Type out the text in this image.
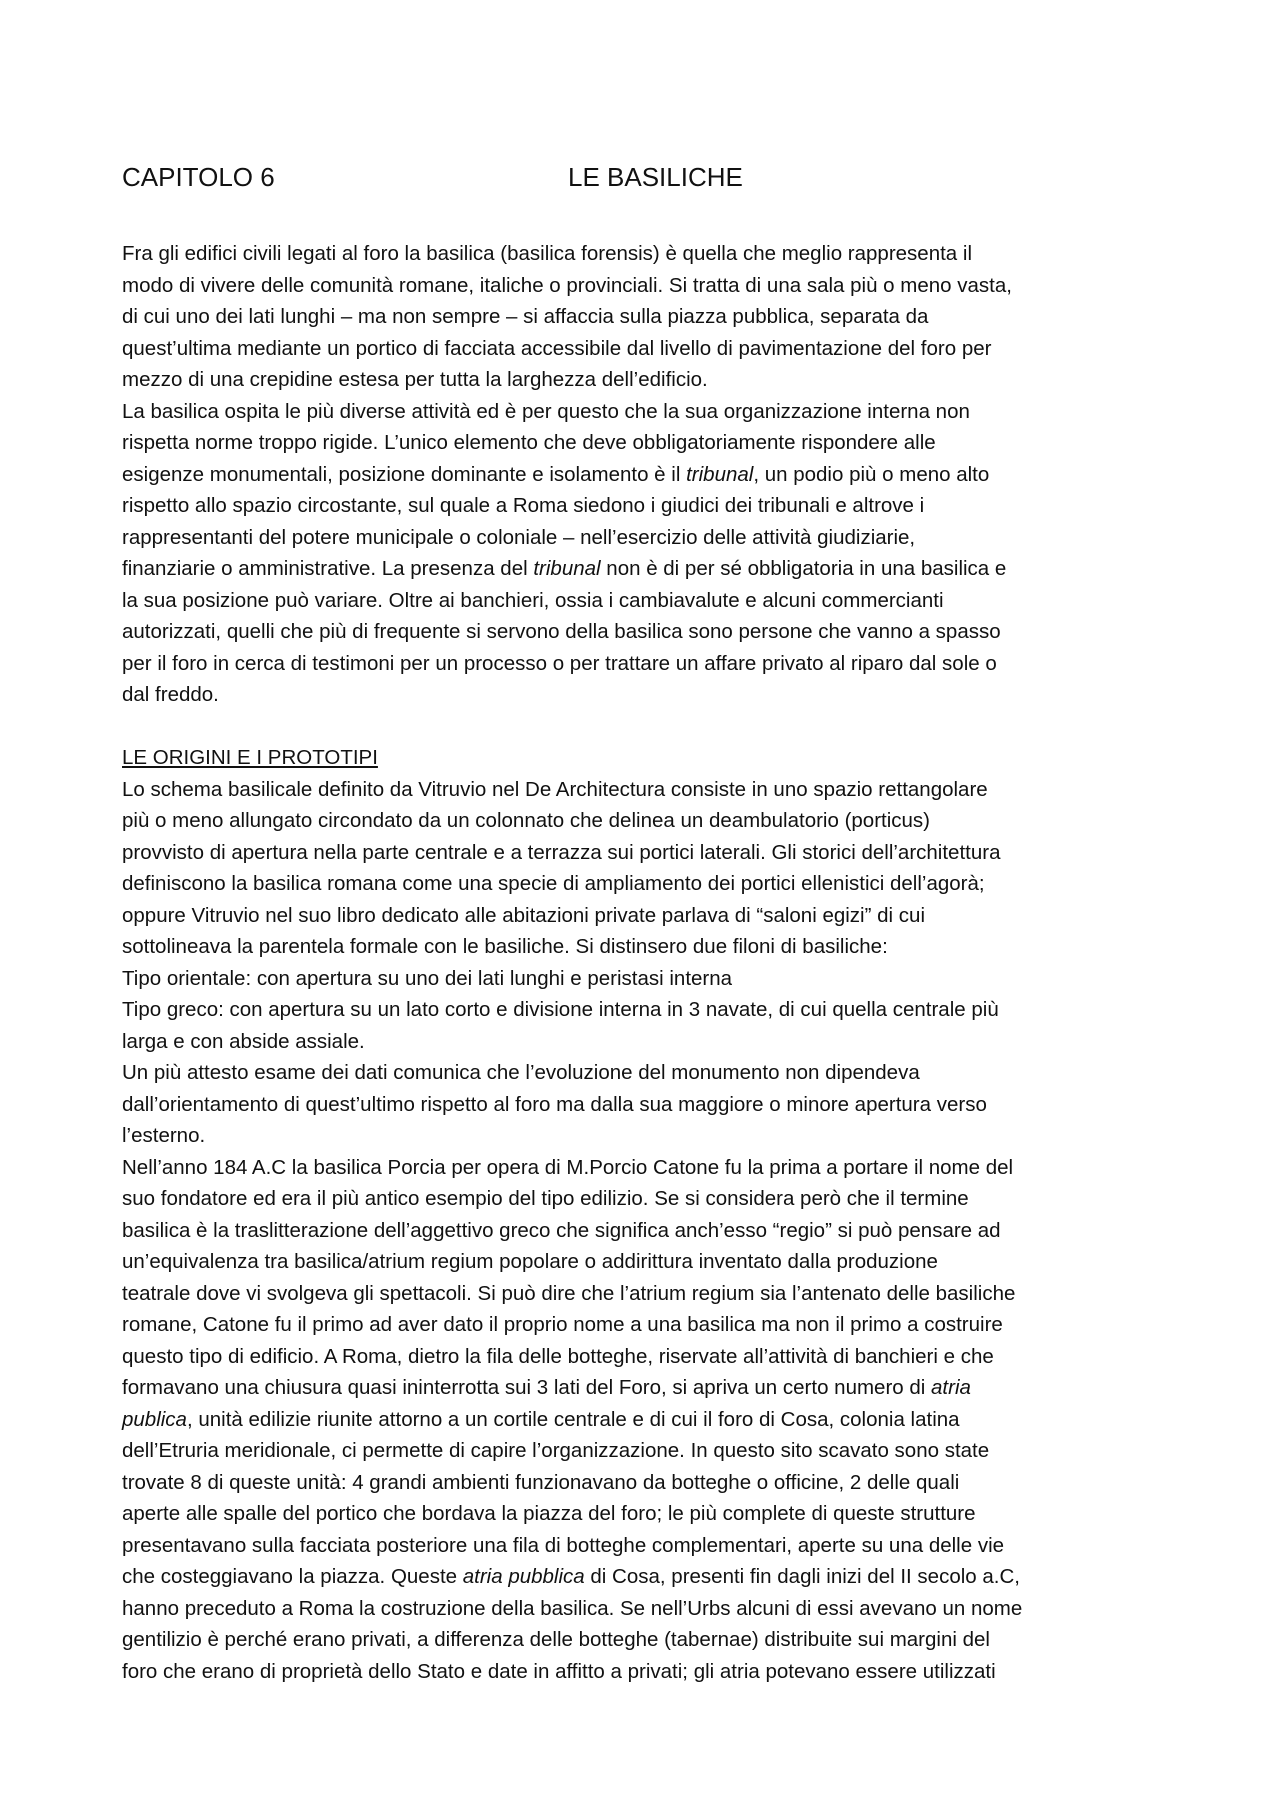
CAPITOLO 6	LE BASILICHE
Fra gli edifici civili legati al foro la basilica (basilica forensis) è quella che meglio rappresenta il
modo di vivere delle comunità romane, italiche o provinciali. Si tratta di una sala più o meno vasta,
di cui uno dei lati lunghi – ma non sempre – si affaccia sulla piazza pubblica, separata da
quest’ultima mediante un portico di facciata accessibile dal livello di pavimentazione del foro per
mezzo di una crepidine estesa per tutta la larghezza dell’edificio.
La basilica ospita le più diverse attività ed è per questo che la sua organizzazione interna non
rispetta norme troppo rigide. L’unico elemento che deve obbligatoriamente rispondere alle
esigenze monumentali, posizione dominante e isolamento è il tribunal, un podio più o meno alto
rispetto allo spazio circostante, sul quale a Roma siedono i giudici dei tribunali e altrove i
rappresentanti del potere municipale o coloniale – nell’esercizio delle attività giudiziarie,
finanziarie o amministrative. La presenza del tribunal non è di per sé obbligatoria in una basilica e
la sua posizione può variare. Oltre ai banchieri, ossia i cambiavalute e alcuni commercianti
autorizzati, quelli che più di frequente si servono della basilica sono persone che vanno a spasso
per il foro in cerca di testimoni per un processo o per trattare un affare privato al riparo dal sole o
dal freddo.
LE ORIGINI E I PROTOTIPI
Lo schema basilicale definito da Vitruvio nel De Architectura consiste in uno spazio rettangolare
più o meno allungato circondato da un colonnato che delinea un deambulatorio (porticus)
provvisto di apertura nella parte centrale e a terrazza sui portici laterali. Gli storici dell’architettura
definiscono la basilica romana come una specie di ampliamento dei portici ellenistici dell’agorà;
oppure Vitruvio nel suo libro dedicato alle abitazioni private parlava di “saloni egizi” di cui
sottolineava la parentela formale con le basiliche. Si distinsero due filoni di basiliche:
Tipo orientale: con apertura su uno dei lati lunghi e peristasi interna
Tipo greco: con apertura su un lato corto e divisione interna in 3 navate, di cui quella centrale più
larga e con abside assiale.
Un più attesto esame dei dati comunica che l’evoluzione del monumento non dipendeva
dall’orientamento di quest’ultimo rispetto al foro ma dalla sua maggiore o minore apertura verso
l’esterno.
Nell’anno 184 A.C la basilica Porcia per opera di M.Porcio Catone fu la prima a portare il nome del
suo fondatore ed era il più antico esempio del tipo edilizio. Se si considera però che il termine
basilica è la traslitterazione dell’aggettivo greco che significa anch’esso “regio” si può pensare ad
un’equivalenza tra basilica/atrium regium popolare o addirittura inventato dalla produzione
teatrale dove vi svolgeva gli spettacoli. Si può dire che l’atrium regium sia l’antenato delle basiliche
romane, Catone fu il primo ad aver dato il proprio nome a una basilica ma non il primo a costruire
questo tipo di edificio. A Roma, dietro la fila delle botteghe, riservate all’attività di banchieri e che
formavano una chiusura quasi ininterrotta sui 3 lati del Foro, si apriva un certo numero di atria
publica, unità edilizie riunite attorno a un cortile centrale e di cui il foro di Cosa, colonia latina
dell’Etruria meridionale, ci permette di capire l’organizzazione. In questo sito scavato sono state
trovate 8 di queste unità: 4 grandi ambienti funzionavano da botteghe o officine, 2 delle quali
aperte alle spalle del portico che bordava la piazza del foro; le più complete di queste strutture
presentavano sulla facciata posteriore una fila di botteghe complementari, aperte su una delle vie
che costeggiavano la piazza. Queste atria pubblica di Cosa, presenti fin dagli inizi del II secolo a.C,
hanno preceduto a Roma la costruzione della basilica. Se nell’Urbs alcuni di essi avevano un nome
gentilizio è perché erano privati, a differenza delle botteghe (tabernae) distribuite sui margini del
foro che erano di proprietà dello Stato e date in affitto a privati; gli atria potevano essere utilizzati
